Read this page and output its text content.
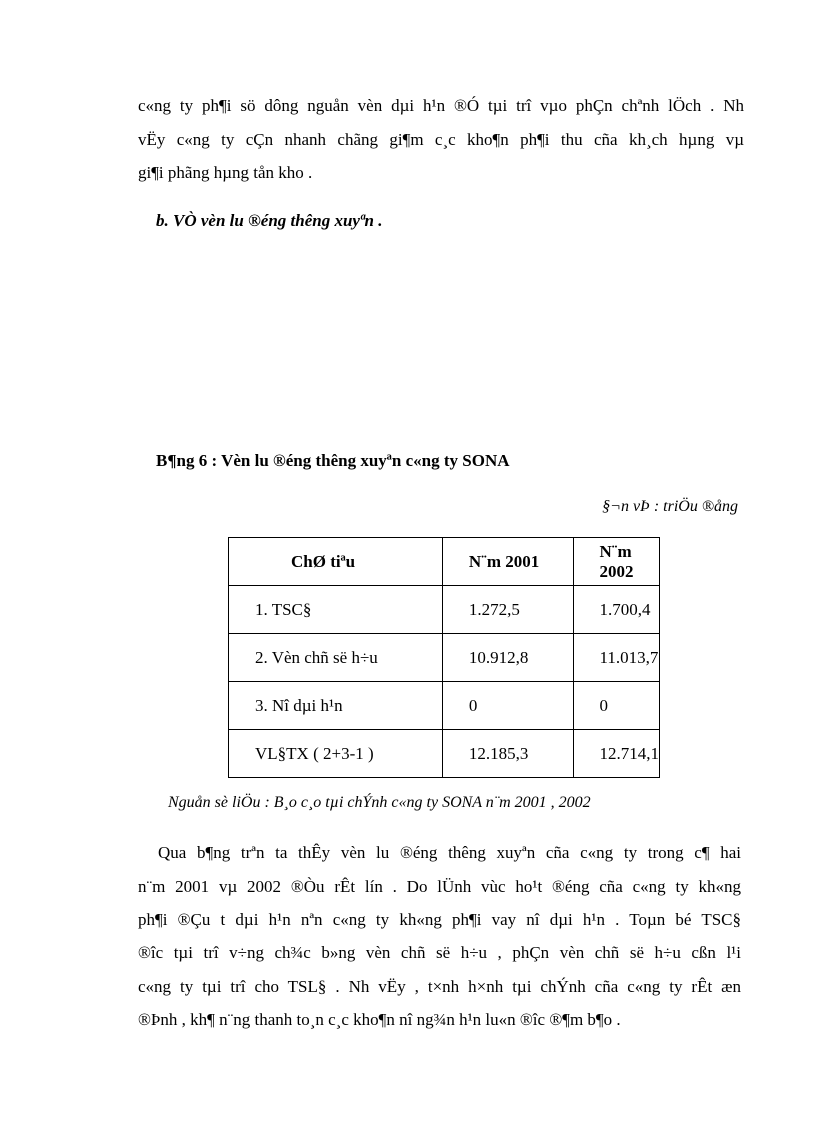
c«ng ty ph¶i sö dông nguån vèn dµi h¹n ®Ó tµi trî vµo phÇn chªnh lÖch . Nh
vËy c«ng ty cÇn nhanh chãng gi¶m c¸c kho¶n ph¶i thu cña kh¸ch hµng vµ
gi¶i phãng hµng tån kho .
b. VÒ vèn lu ®éng thêng xuyªn .
B¶ng 6 : Vèn lu ®éng thêng xuyªn c«ng ty SONA
§¬n vÞ : triÖu ®ång
ChØ tiªu	N¨m 2001	N¨m 2002
1. TSC§	1.272,5	1.700,4
2. Vèn chñ së h÷u	10.912,8	11.013,7
3. Nî dµi h¹n	0	0
VL§TX ( 2+3-1 )	12.185,3	12.714,1
Nguån sè liÖu : B¸o c¸o tµi chÝnh c«ng ty SONA n¨m 2001 , 2002
Qua b¶ng trªn ta thÊy vèn lu ®éng thêng xuyªn cña c«ng ty trong c¶ hai
n¨m 2001 vµ 2002 ®Òu rÊt lín . Do lÜnh vùc ho¹t ®éng cña c«ng ty kh«ng
ph¶i ®Çu t dµi h¹n nªn c«ng ty kh«ng ph¶i vay nî dµi h¹n . Toµn bé TSC§
®îc tµi trî v÷ng ch¾c b»ng vèn chñ së h÷u , phÇn vèn chñ së h÷u cßn l¹i
c«ng ty tµi trî cho TSL§ . Nh vËy , t×nh h×nh tµi chÝnh cña c«ng ty rÊt æn
®Þnh , kh¶ n¨ng thanh to¸n c¸c kho¶n nî ng¾n h¹n lu«n ®îc ®¶m b¶o .
